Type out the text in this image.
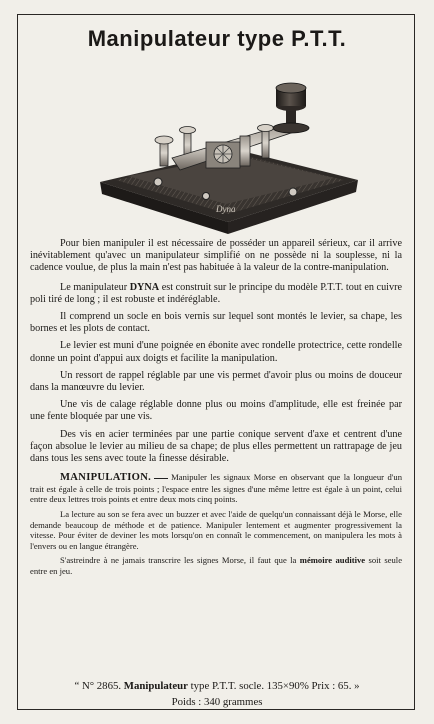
Manipulateur type P.T.T.
Dyna

Pour bien manipuler il est nécessaire de posséder un appareil sérieux, car il arrive inévitablement qu'avec un manipulateur simplifié on ne possède ni la souplesse, ni la cadence voulue, de plus la main n'est pas habituée à la valeur de la contre-manipulation.

Le manipulateur DYNA est construit sur le principe du modèle P.T.T. tout en cuivre poli tiré de long ; il est robuste et indéréglable.

Il comprend un socle en bois vernis sur lequel sont montés le levier, sa chape, les bornes et les plots de contact.

Le levier est muni d'une poignée en ébonite avec rondelle protectrice, cette rondelle donne un point d'appui aux doigts et facilite la manipulation.

Un ressort de rappel réglable par une vis permet d'avoir plus ou moins de douceur dans la manœuvre du levier.

Une vis de calage réglable donne plus ou moins d'amplitude, elle est freinée par une fente bloquée par une vis.

Des vis en acier terminées par une partie conique servent d'axe et centrent d'une façon absolue le levier au milieu de sa chape; de plus elles permettent un rattrapage de jeu dans tous les sens avec toute la finesse désirable.

MANIPULATION. Manipuler les signaux Morse en observant que la longueur d'un trait est égale à celle de trois points ; l'espace entre les signes d'une même lettre est égale à un point, celui entre deux lettres trois points et entre deux mots cinq points.

La lecture au son se fera avec un buzzer et avec l'aide de quelqu'un connaissant déjà le Morse, elle demande beaucoup de méthode et de patience. Manipuler lentement et augmenter progressivement la vitesse. Pour éviter de deviner les mots lorsqu'on en connaît le commencement, on manipulera les mots à l'envers ou en langue étrangère.

S'astreindre à ne jamais transcrire les signes Morse, il faut que la mémoire auditive soit seule entre en jeu.

“ N° 2865. Manipulateur type P.T.T. socle. 135×90% Prix : 65. »
Poids : 340 grammes
